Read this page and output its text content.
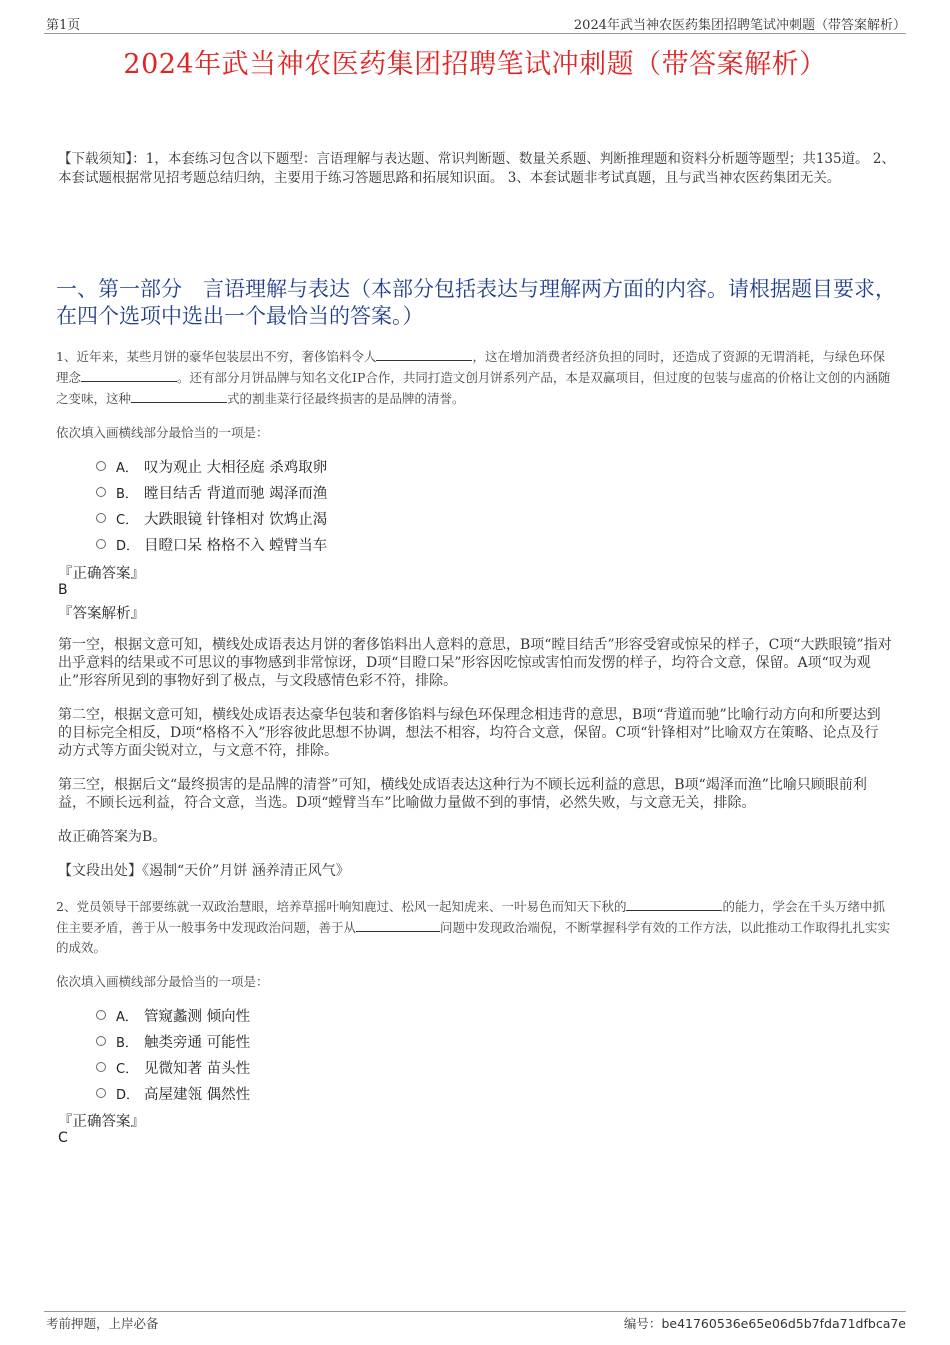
第1页	2024年武当神农医药集团招聘笔试冲刺题（带答案解析）
2024年武当神农医药集团招聘笔试冲刺题（带答案解析）
【下载须知】：1，本套练习包含以下题型：言语理解与表达题、常识判断题、数量关系题、判断推理题和资料分析题等题型；共135道。 2、本套试题根据常见招考题总结归纳，主要用于练习答题思路和拓展知识面。 3、本套试题非考试真题，且与武当神农医药集团无关。
一、第一部分　言语理解与表达（本部分包括表达与理解两方面的内容。请根据题目要求，在四个选项中选出一个最恰当的答案。）
1、近年来，某些月饼的豪华包装层出不穷，奢侈馅料令人	，这在增加消费者经济负担的同时，还造成了资源的无谓消耗，与绿色环保理念	。还有部分月饼品牌与知名文化IP合作，共同打造文创月饼系列产品，本是双赢项目，但过度的包装与虚高的价格让文创的内涵随之变味，这种	式的割韭菜行径最终损害的是品牌的清誉。
依次填入画横线部分最恰当的一项是：
A． 叹为观止 大相径庭 杀鸡取卵
B． 瞠目结舌 背道而驰 竭泽而渔
C． 大跌眼镜 针锋相对 饮鸩止渴
D． 目瞪口呆 格格不入 螳臂当车
『正确答案』
B
『答案解析』

第一空，根据文意可知，横线处成语表达月饼的奢侈馅料出人意料的意思，B项“瞠目结舌”形容受窘或惊呆的样子，C项“大跌眼镜”指对出乎意料的结果或不可思议的事物感到非常惊讶，D项“目瞪口呆”形容因吃惊或害怕而发愣的样子，均符合文意，保留。A项“叹为观止”形容所见到的事物好到了极点，与文段感情色彩不符，排除。

第二空，根据文意可知，横线处成语表达豪华包装和奢侈馅料与绿色环保理念相违背的意思，B项“背道而驰”比喻行动方向和所要达到的目标完全相反，D项“格格不入”形容彼此思想不协调，想法不相容，均符合文意，保留。C项“针锋相对”比喻双方在策略、论点及行动方式等方面尖锐对立，与文意不符，排除。

第三空，根据后文“最终损害的是品牌的清誉”可知，横线处成语表达这种行为不顾长远利益的意思，B项“竭泽而渔”比喻只顾眼前利益，不顾长远利益，符合文意，当选。D项“螳臂当车”比喻做力量做不到的事情，必然失败，与文意无关，排除。

故正确答案为B。

【文段出处】《遏制“天价”月饼 涵养清正风气》

2、党员领导干部要练就一双政治慧眼，培养草摇叶响知鹿过、松风一起知虎来、一叶易色而知天下秋的	的能力，学会在千头万绪中抓住主要矛盾，善于从一般事务中发现政治问题，善于从	问题中发现政治端倪，不断掌握科学有效的工作方法，以此推动工作取得扎扎实实的成效。
依次填入画横线部分最恰当的一项是：
A． 管窥蠡测 倾向性
B． 触类旁通 可能性
C． 见微知著 苗头性
D． 高屋建瓴 偶然性
『正确答案』
C
考前押题，上岸必备	编号：be41760536e65e06d5b7fda71dfbca7e
